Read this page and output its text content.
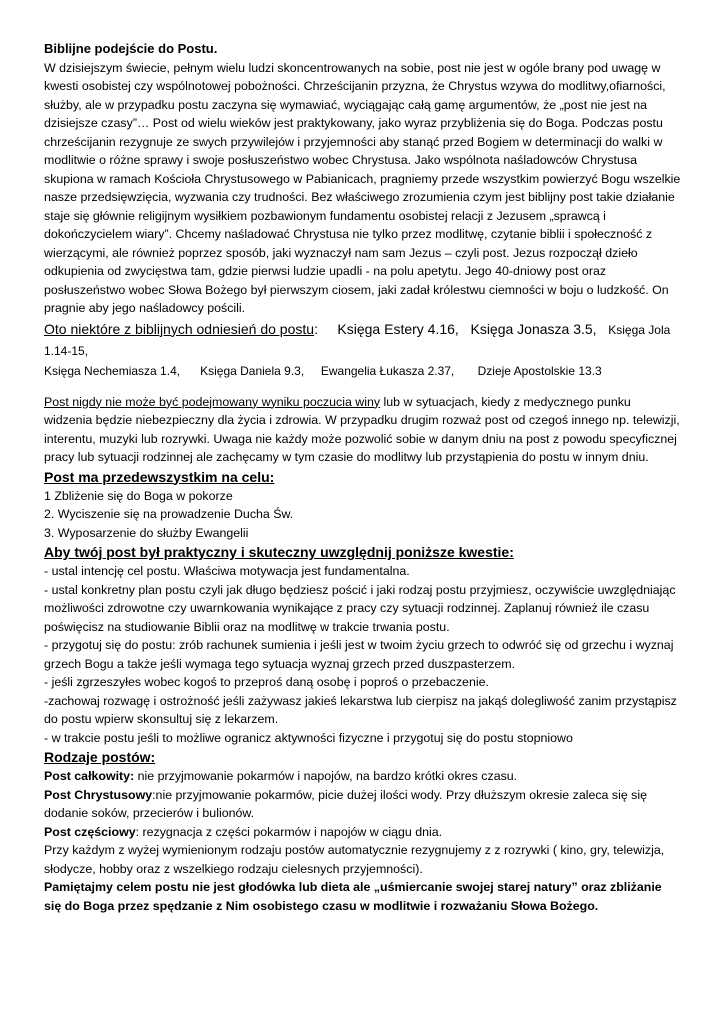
Biblijne podejście do Postu.

W dzisiejszym świecie, pełnym wielu ludzi skoncentrowanych na sobie, post nie jest w ogóle brany pod uwagę w kwesti osobistej czy wspólnotowej pobożności. Chrześcijanin przyzna, że Chrystus wzywa do modlitwy,ofiarności, służby, ale w przypadku postu zaczyna się wymawiać, wyciągając całą gamę argumentów, że „post nie jest na dzisiejsze czasy”… Post od wielu wieków jest praktykowany, jako wyraz przybliżenia się do Boga. Podczas postu chrześcijanin rezygnuje ze swych przywilejów i przyjemności aby stanąć przed Bogiem w determinacji do walki w modlitwie o różne sprawy i swoje posłuszeństwo wobec Chrystusa. Jako wspólnota naśladowców Chrystusa skupiona w ramach Kościoła Chrystusowego w Pabianicach, pragniemy przede wszystkim powierzyć Bogu wszelkie nasze przedsięwzięcia, wyzwania czy trudności. Bez właściwego zrozumienia czym jest biblijny post takie działanie staje się głównie religijnym wysiłkiem pozbawionym fundamentu osobistej relacji z Jezusem „sprawcą i dokończycielem wiary”. Chcemy naśladować Chrystusa nie tylko przez modlitwę, czytanie biblii i społeczność z wierzącymi, ale również poprzez sposób, jaki wyznaczył nam sam Jezus – czyli post. Jezus rozpoczął dzieło odkupienia od zwycięstwa tam, gdzie pierwsi ludzie upadli - na polu apetytu. Jego 40-dniowy post oraz posłuszeństwo wobec Słowa Bożego był pierwszym ciosem, jaki zadał królestwu ciemności w boju o ludzkość. On pragnie aby jego naśladowcy pościli.

Oto niektóre z biblijnych odniesień do postu: Księga Estery 4.16, Księga Jonasza 3.5, Księga Jola 1.14-15,
Księga Nechemiasza 1.4, Księga Daniela 9.3, Ewangelia Łukasza 2.37, Dzieje Apostolskie 13.3

Post nigdy nie może być podejmowany wyniku poczucia winy lub w sytuacjach, kiedy z medycznego punku widzenia będzie niebezpieczny dla życia i zdrowia. W przypadku drugim rozważ post od czegoś innego np. telewizji, interentu, muzyki lub rozrywki. Uwaga nie każdy może pozwolić sobie w danym dniu na post z powodu specyficznej pracy lub sytuacji rodzinnej ale zachęcamy w tym czasie do modlitwy lub przystąpienia do postu w innym dniu.

Post ma przedewszystkim na celu:
1 Zbliżenie się do Boga w pokorze
2. Wyciszenie się na prowadzenie Ducha Św.
3. Wyposarzenie do służby Ewangelii
Aby twój post był praktyczny i skuteczny uwzględnij poniższe kwestie:
- ustal intencję cel postu. Właściwa motywacja jest fundamentalna.
- ustal konkretny plan postu czyli jak długo będziesz pościć i jaki rodzaj postu przyjmiesz, oczywiście uwzględniając możliwości zdrowotne czy uwarnkowania wynikające z pracy czy sytuacji rodzinnej. Zaplanuj również ile czasu poświęcisz na studiowanie Biblii oraz na modlitwę w trakcie trwania postu.
- przygotuj się do postu: zrób rachunek sumienia i jeśli jest w twoim życiu grzech to odwróć się od grzechu i wyznaj grzech Bogu a także jeśli wymaga tego sytuacja wyznaj grzech przed duszpasterzem.
- jeśli zgrzeszyłes wobec kogoś to przeproś daną osobę i poproś o przebaczenie.
-zachowaj rozwagę i ostrożność jeśli zażywasz jakieś lekarstwa lub cierpisz na jakąś dolegliwość zanim przystąpisz do postu wpierw skonsultuj się z lekarzem.
- w trakcie postu jeśli to możliwe ogranicz aktywności fizyczne i przygotuj się do postu stopniowo
Rodzaje postów:
Post całkowity: nie przyjmowanie pokarmów i napojów, na bardzo krótki okres czasu.
Post Chrystusowy:nie przyjmowanie pokarmów, picie dużej ilości wody. Przy dłuższym okresie zaleca się się dodanie soków, przecierów i bulionów.
Post częściowy: rezygnacja z części pokarmów i napojów w ciągu dnia.
Przy każdym z wyżej wymienionym rodzaju postów automatycznie rezygnujemy z z rozrywki ( kino, gry, telewizja, słodycze, hobby oraz z wszelkiego rodzaju cielesnych przyjemności).
Pamiętajmy celem postu nie jest głodówka lub dieta ale „uśmiercanie swojej starej natury” oraz zbliżanie się do Boga przez spędzanie z Nim osobistego czasu w modlitwie i rozważaniu Słowa Bożego.
